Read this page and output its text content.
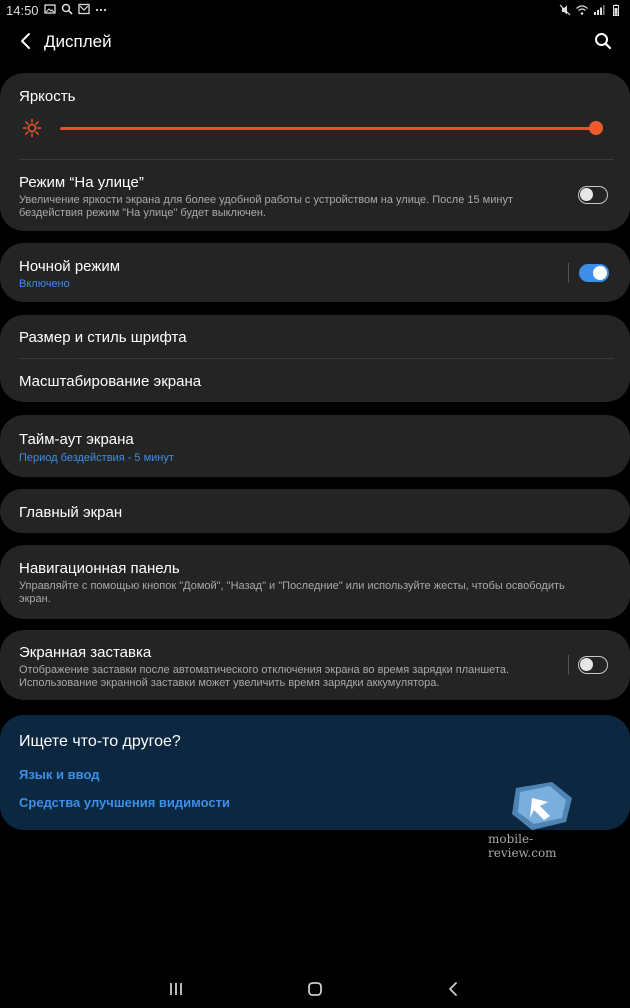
14:50
Дисплей
Яркость
Режим “На улице”
Увеличение яркости экрана для более удобной работы с устройством на улице. После 15 минут бездействия режим "На улице" будет выключен.
Ночной режим
Включено
Размер и стиль шрифта
Масштабирование экрана
Тайм-аут экрана
Период бездействия - 5 минут
Главный экран
Навигационная панель
Управляйте с помощью кнопок "Домой", "Назад" и "Последние" или используйте жесты, чтобы освободить экран.
Экранная заставка
Отображение заставки после автоматического отключения экрана во время зарядки планшета. Использование экранной заставки может увеличить время зарядки аккумулятора.
Ищете что-то другое?
Язык и ввод
Средства улучшения видимости
mobile-review.com
